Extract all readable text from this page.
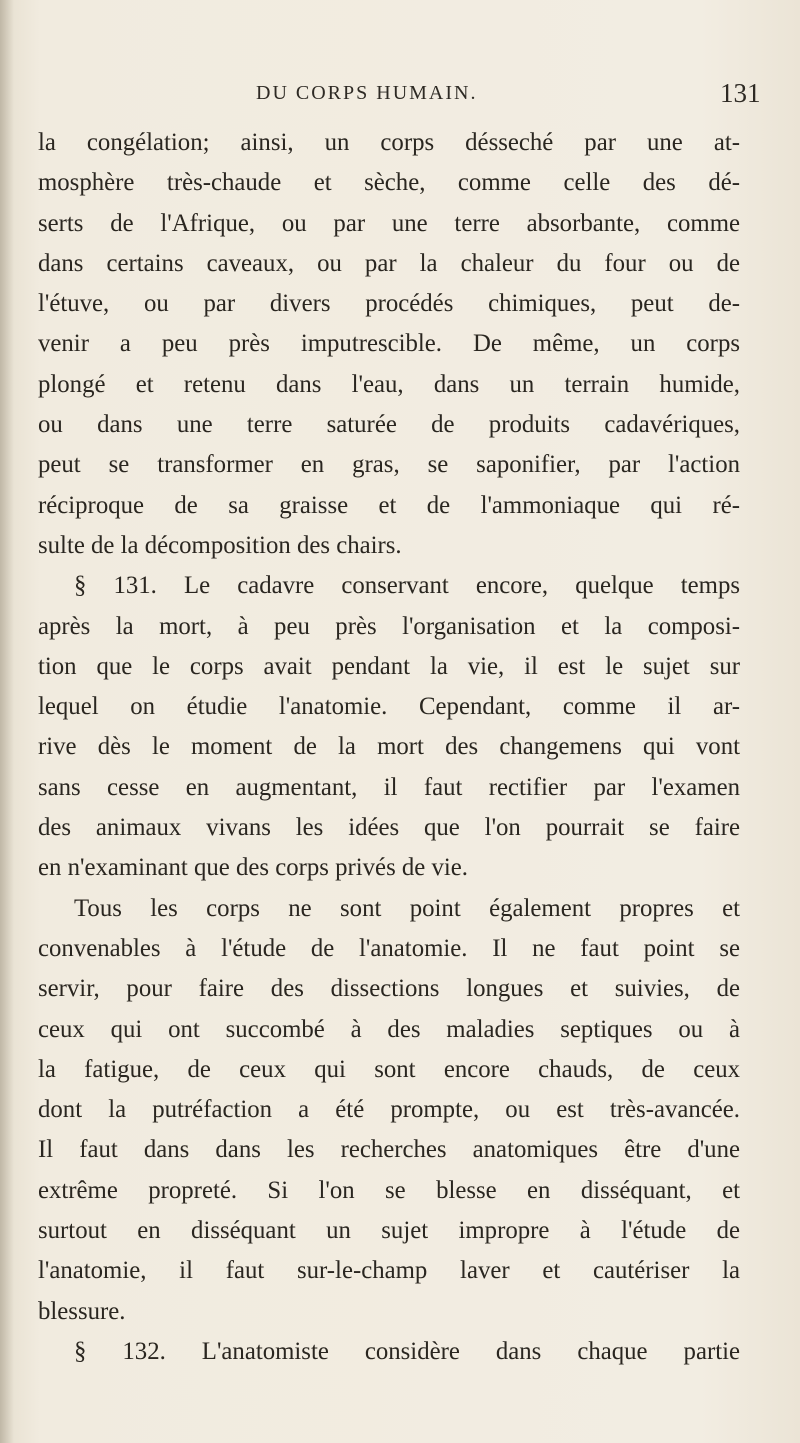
DU CORPS HUMAIN.	131
la congélation; ainsi, un corps désseché par une at-
mosphère très-chaude et sèche, comme celle des dé-
serts de l'Afrique, ou par une terre absorbante, comme
dans certains caveaux, ou par la chaleur du four ou de
l'étuve, ou par divers procédés chimiques, peut de-
venir a peu près imputrescible. De même, un corps
plongé et retenu dans l'eau, dans un terrain humide,
ou dans une terre saturée de produits cadavériques,
peut se transformer en gras, se saponifier, par l'action
réciproque de sa graisse et de l'ammoniaque qui ré-
sulte de la décomposition des chairs.
§ 131. Le cadavre conservant encore, quelque temps
après la mort, à peu près l'organisation et la composi-
tion que le corps avait pendant la vie, il est le sujet sur
lequel on étudie l'anatomie. Cependant, comme il ar-
rive dès le moment de la mort des changemens qui vont
sans cesse en augmentant, il faut rectifier par l'examen
des animaux vivans les idées que l'on pourrait se faire
en n'examinant que des corps privés de vie.
Tous les corps ne sont point également propres et
convenables à l'étude de l'anatomie. Il ne faut point se
servir, pour faire des dissections longues et suivies, de
ceux qui ont succombé à des maladies septiques ou à
la fatigue, de ceux qui sont encore chauds, de ceux
dont la putréfaction a été prompte, ou est très-avancée.
Il faut dans dans les recherches anatomiques être d'une
extrême propreté. Si l'on se blesse en disséquant, et
surtout en disséquant un sujet impropre à l'étude de
l'anatomie, il faut sur-le-champ laver et cautériser la
blessure.
§ 132. L'anatomiste considère dans chaque partie
